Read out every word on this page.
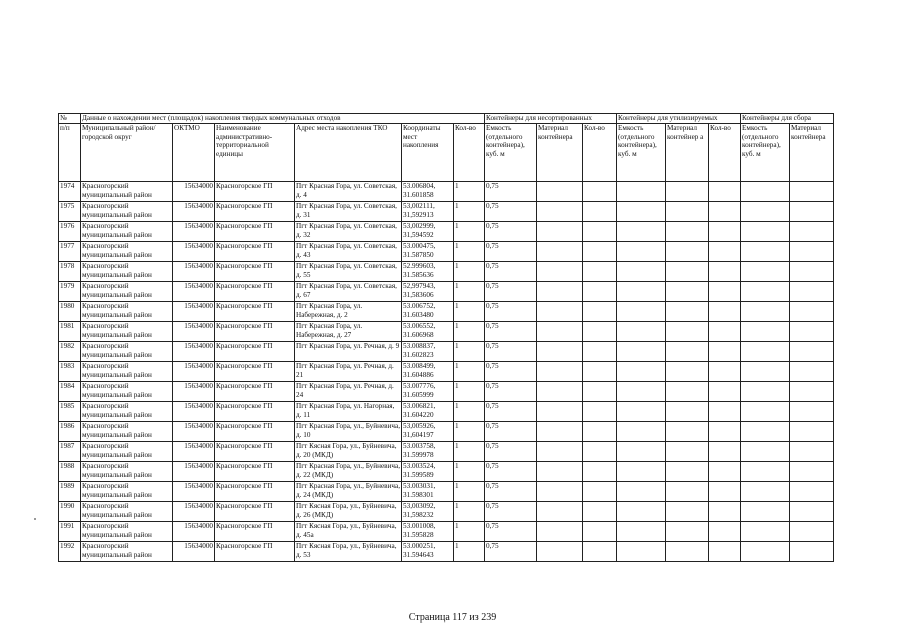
№	Данные о нахождении мест (площадок) накопления твердых коммунальных отходов						Контейнеры для несортированных			Контейнеры для утилизируемых			Контейнеры для сбора	
п/п	Муниципальный район/городской округ	ОКТМО	Наименование административно-территориальной единицы	Адрес места накопления ТКО	Координаты мест накопления	Кол-во	Емкость (отдельного контейнера), куб. м	Материал контейнера	Кол-во	Емкость (отдельного контейнера), куб. м	Материал контейнер а	Кол-во	Емкость (отдельного контейнера), куб. м	Материал контейнера
1974	Красногорский муниципальный район	15634000	Красногорское ГП	Пгт Красная Гора, ул. Советская, д. 4	53.006804, 31.601858	1	0,75							
1975	Красногорский муниципальный район	15634000	Красногорское ГП	Пгт Красная Гора, ул. Советская, д. 31	53,002111, 31,592913	1	0,75							
1976	Красногорский муниципальный район	15634000	Красногорское ГП	Пгт Красная Гора, ул. Советская, д. 32	53,002999, 31,594592	1	0,75							
1977	Красногорский муниципальный район	15634000	Красногорское ГП	Пгт Красная Гора, ул. Советская, д. 43	53.000475, 31.587850	1	0,75							
1978	Красногорский муниципальный район	15634000	Красногорское ГП	Пгт Красная Гора, ул. Советская, д. 55	52.999603, 31.585636	1	0,75							
1979	Красногорский муниципальный район	15634000	Красногорское ГП	Пгт Красная Гора, ул. Советская, д. 67	52,997943, 31,583606	1	0,75							
1980	Красногорский муниципальный район	15634000	Красногорское ГП	Пгт Красная Гора, ул. Набережная, д. 2	53.006752, 31.603480	1	0,75							
1981	Красногорский муниципальный район	15634000	Красногорское ГП	Пгт Красная Гора, ул. Набережная, д. 27	53.006552, 31.606968	1	0,75							
1982	Красногорский муниципальный район	15634000	Красногорское ГП	Пгт Красная Гора, ул. Речная, д. 9	53.008837, 31.602823	1	0,75							
1983	Красногорский муниципальный район	15634000	Красногорское ГП	Пгт Красная Гора, ул. Речная, д. 21	53.008499, 31.604886	1	0,75							
1984	Красногорский муниципальный район	15634000	Красногорское ГП	Пгт Красная Гора, ул. Речная, д. 24	53.007776, 31.605999	1	0,75							
1985	Красногорский муниципальный район	15634000	Красногорское ГП	Пгт Красная Гора, ул. Нагорная, д. 11	53.006821, 31.604220	1	0,75							
1986	Красногорский муниципальный район	15634000	Красногорское ГП	Пгт Красная Гора, ул., Буйневича, д. 10	53,005926, 31,604197	1	0,75							
1987	Красногорский муниципальный район	15634000	Красногорское ГП	Пгт Кясная Гора, ул., Буйневича, д. 20 (МКД)	53.003758, 31.599978	1	0,75							
1988	Красногорский муниципальный район	15634000	Красногорское ГП	Пгт Красная Гора, ул., Буйневича, д. 22 (МКД)	53.003524, 31.599589	1	0,75							
1989	Красногорский муниципальный район	15634000	Красногорское ГП	Пгт Красная Гора, ул., Буйневича, д. 24 (МКД)	53.003031, 31.598301	1	0,75							
1990	Красногорский муниципальный район	15634000	Красногорское ГП	Пгт Кясная Гора, ул., Буйневича, д. 26 (МКД)	53,003092, 31,598232	1	0,75							
1991	Красногорский муниципальный район	15634000	Красногорское ГП	Пгт Кясная Гора, ул., Буйневича, д. 45а	53.001008, 31.595828	1	0,75							
1992	Красногорский муниципальный район	15634000	Красногорское ГП	Пгт Кясная Гора, ул., Буйневича, д. 53	53.000251, 31.594643	1	0,75							
Страница 117 из 239
